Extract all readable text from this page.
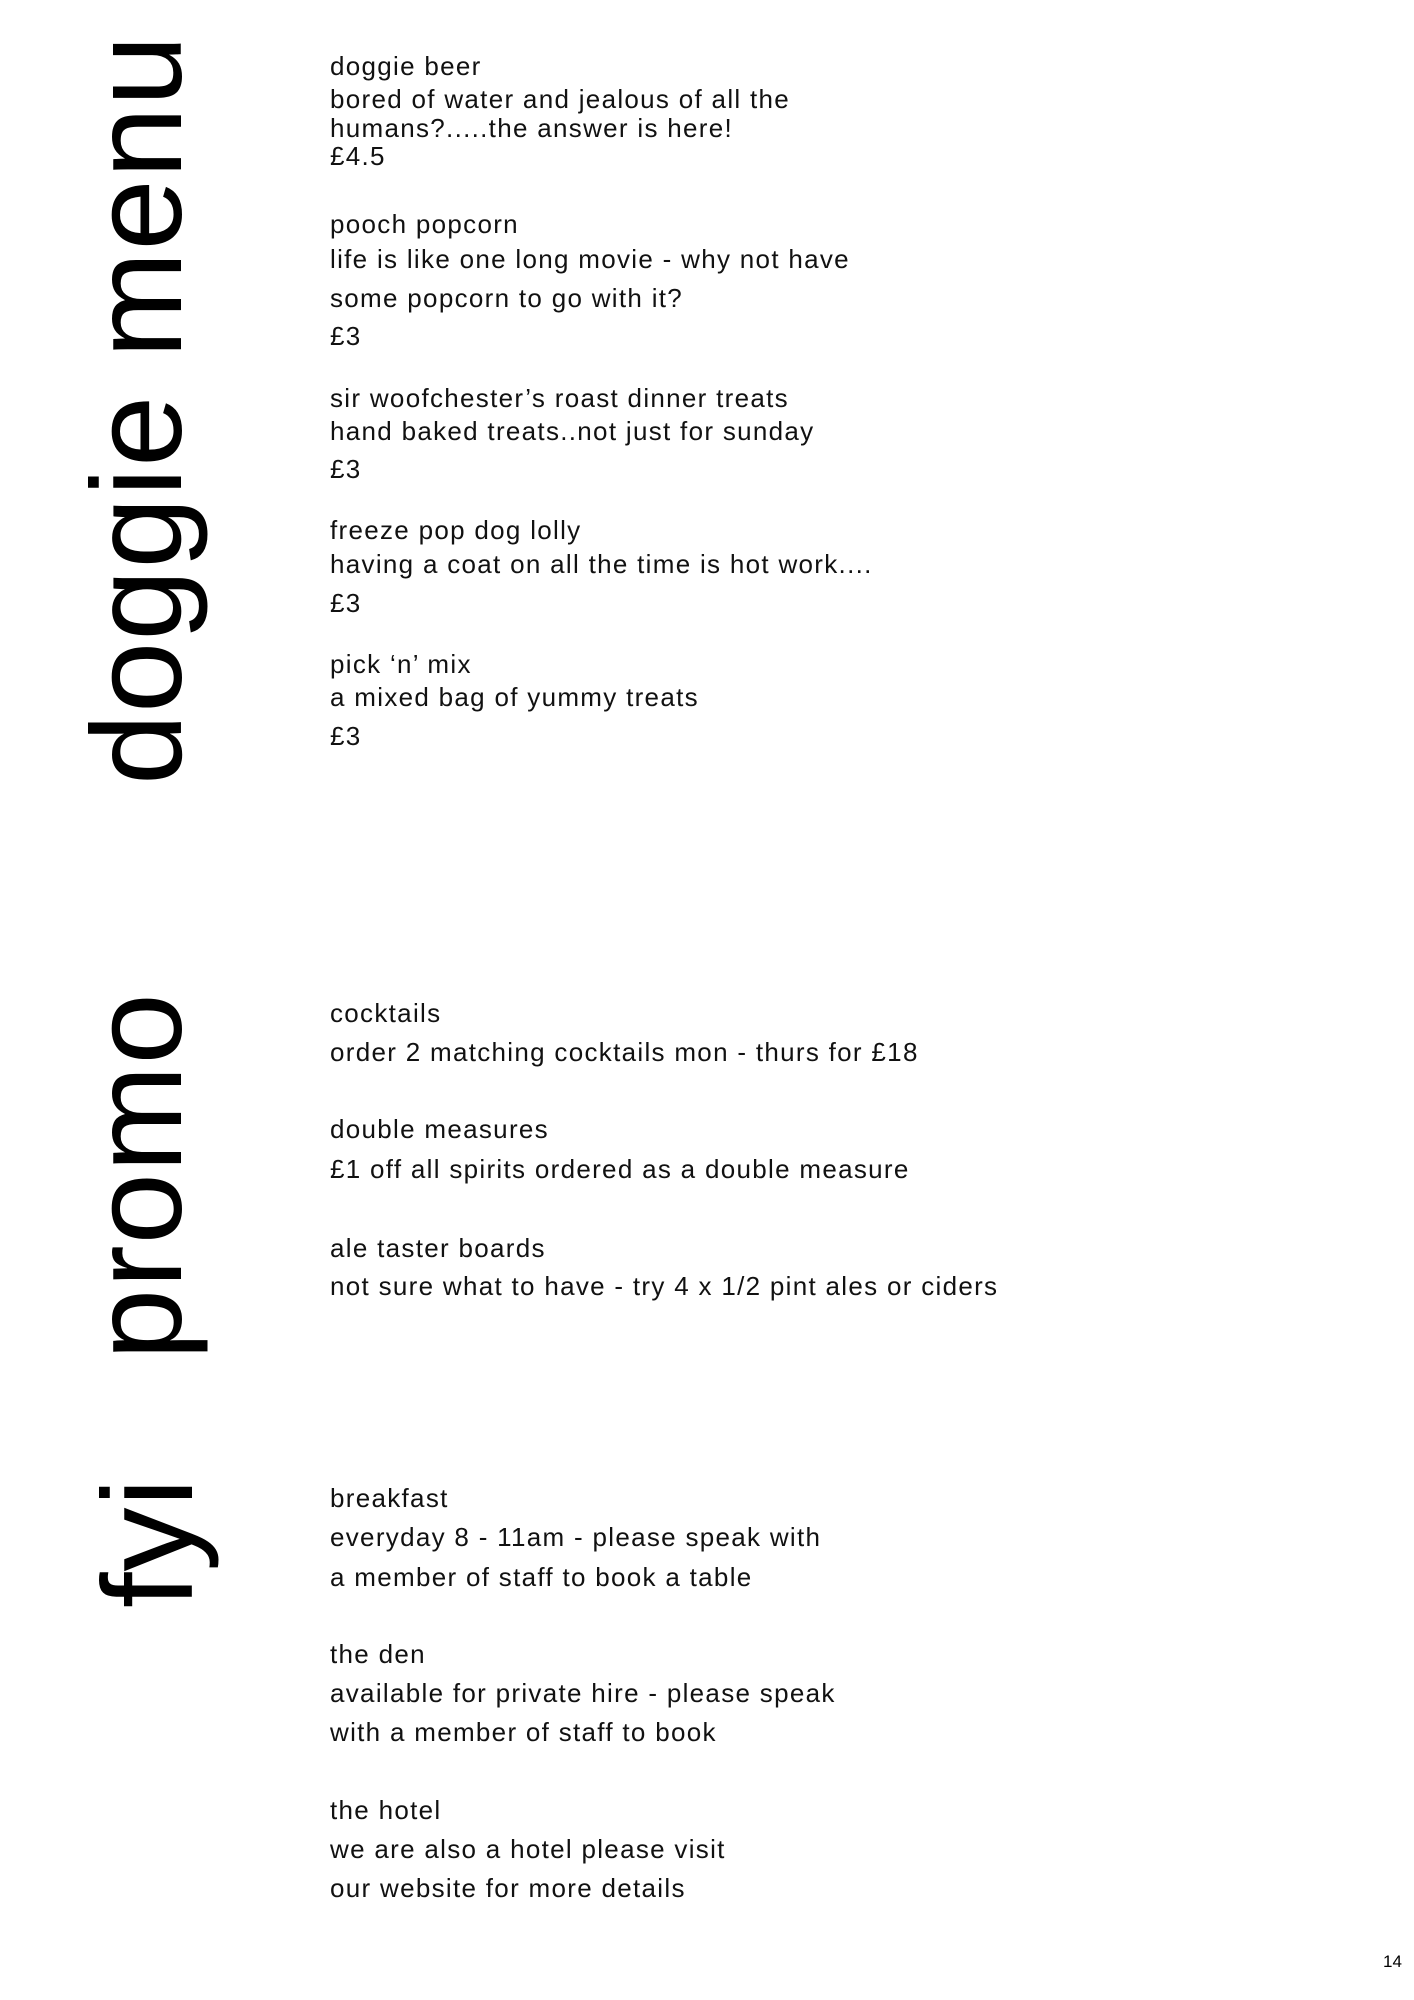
doggie menu
promo
fyi
doggie beer
bored of water and jealous of all the
humans?.....the answer is here!
£4.5
pooch popcorn
life is like one long movie - why not have
some popcorn to go with it?
£3
sir woofchester’s roast dinner treats
hand baked treats..not just for sunday
£3
freeze pop dog lolly
having a coat on all the time is hot work....
£3
pick ‘n’ mix
a mixed bag of yummy treats
£3
cocktails
order 2 matching cocktails mon - thurs for £18
double measures
£1 off all spirits ordered as a double measure
ale taster boards
not sure what to have - try 4 x 1/2 pint ales or ciders
breakfast
everyday 8 - 11am - please speak with
a member of staff to book a table
the den
available for private hire - please speak
with a member of staff to book
the hotel
we are also a hotel please visit
our website for more details
14
